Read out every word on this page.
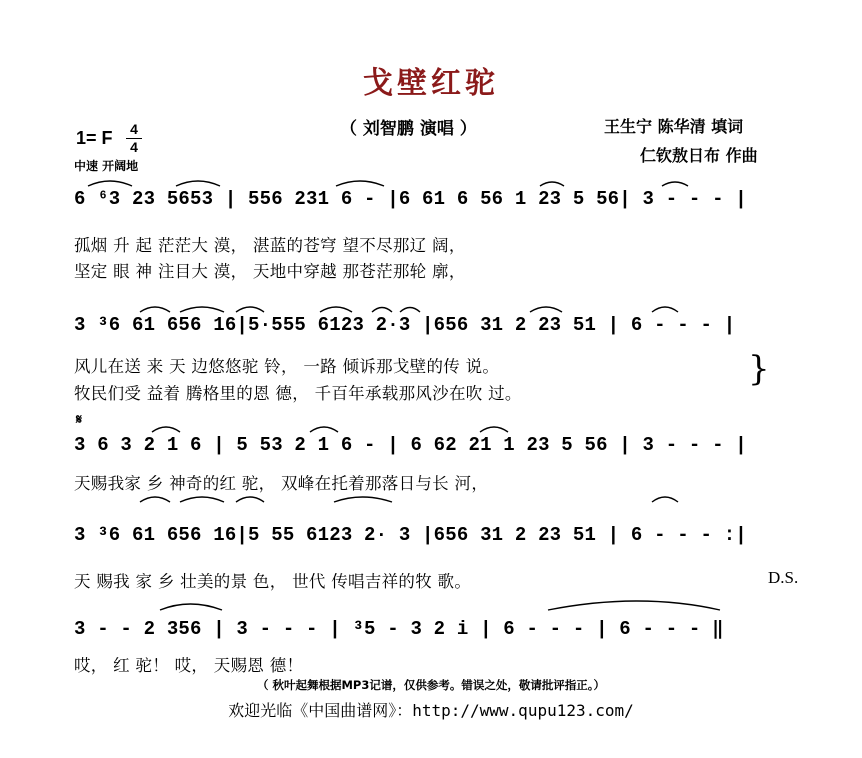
戈壁红驼
（ 刘智鹏 演唱 ）	王生宁 陈华清 填词
仁钦敖日布 作曲
1= F 4
4
中速 开阔地
6 ⁶3 23 5653 | 556 231 6 - |6 61 6 56 1 23 5 56| 3 - - - |
孤烟 升 起 茫茫大 漠， 湛蓝的苍穹 望不尽那辽 阔，
坚定 眼 神 注目大 漠， 天地中穿越 那苍茫那轮 廓，
3 ³6 61 656 16|5·555 6123 2·3 |656 31 2 23 51 | 6 - - - |
风儿在送 来 天 边悠悠驼 铃， 一路 倾诉那戈壁的传 说。
牧民们受 益着 腾格里的恩 德， 千百年承载那风沙在吹 过。
}
𝄋
3 6 3 2 1 6 | 5 53 2 1 6 - | 6 62 21 1 23 5 56 | 3 - - - |
天赐我家 乡 神奇的红 驼， 双峰在托着那落日与长 河，
3 ³6 61 656 16|5 55 6123 2· 3 |656 31 2 23 51 | 6 - - - :|
天 赐我 家 乡 壮美的景 色， 世代 传唱吉祥的牧 歌。	D.S.
3 - - 2 356 | 3 - - - | ³5 - 3 2 i | 6 - - - | 6 - - - ‖
哎， 红 驼！ 哎， 天赐恩 德！
（ 秋叶起舞根据MP3记谱，仅供参考。错误之处，敬请批评指正。）
欢迎光临《中国曲谱网》：http://www.qupu123.com/
